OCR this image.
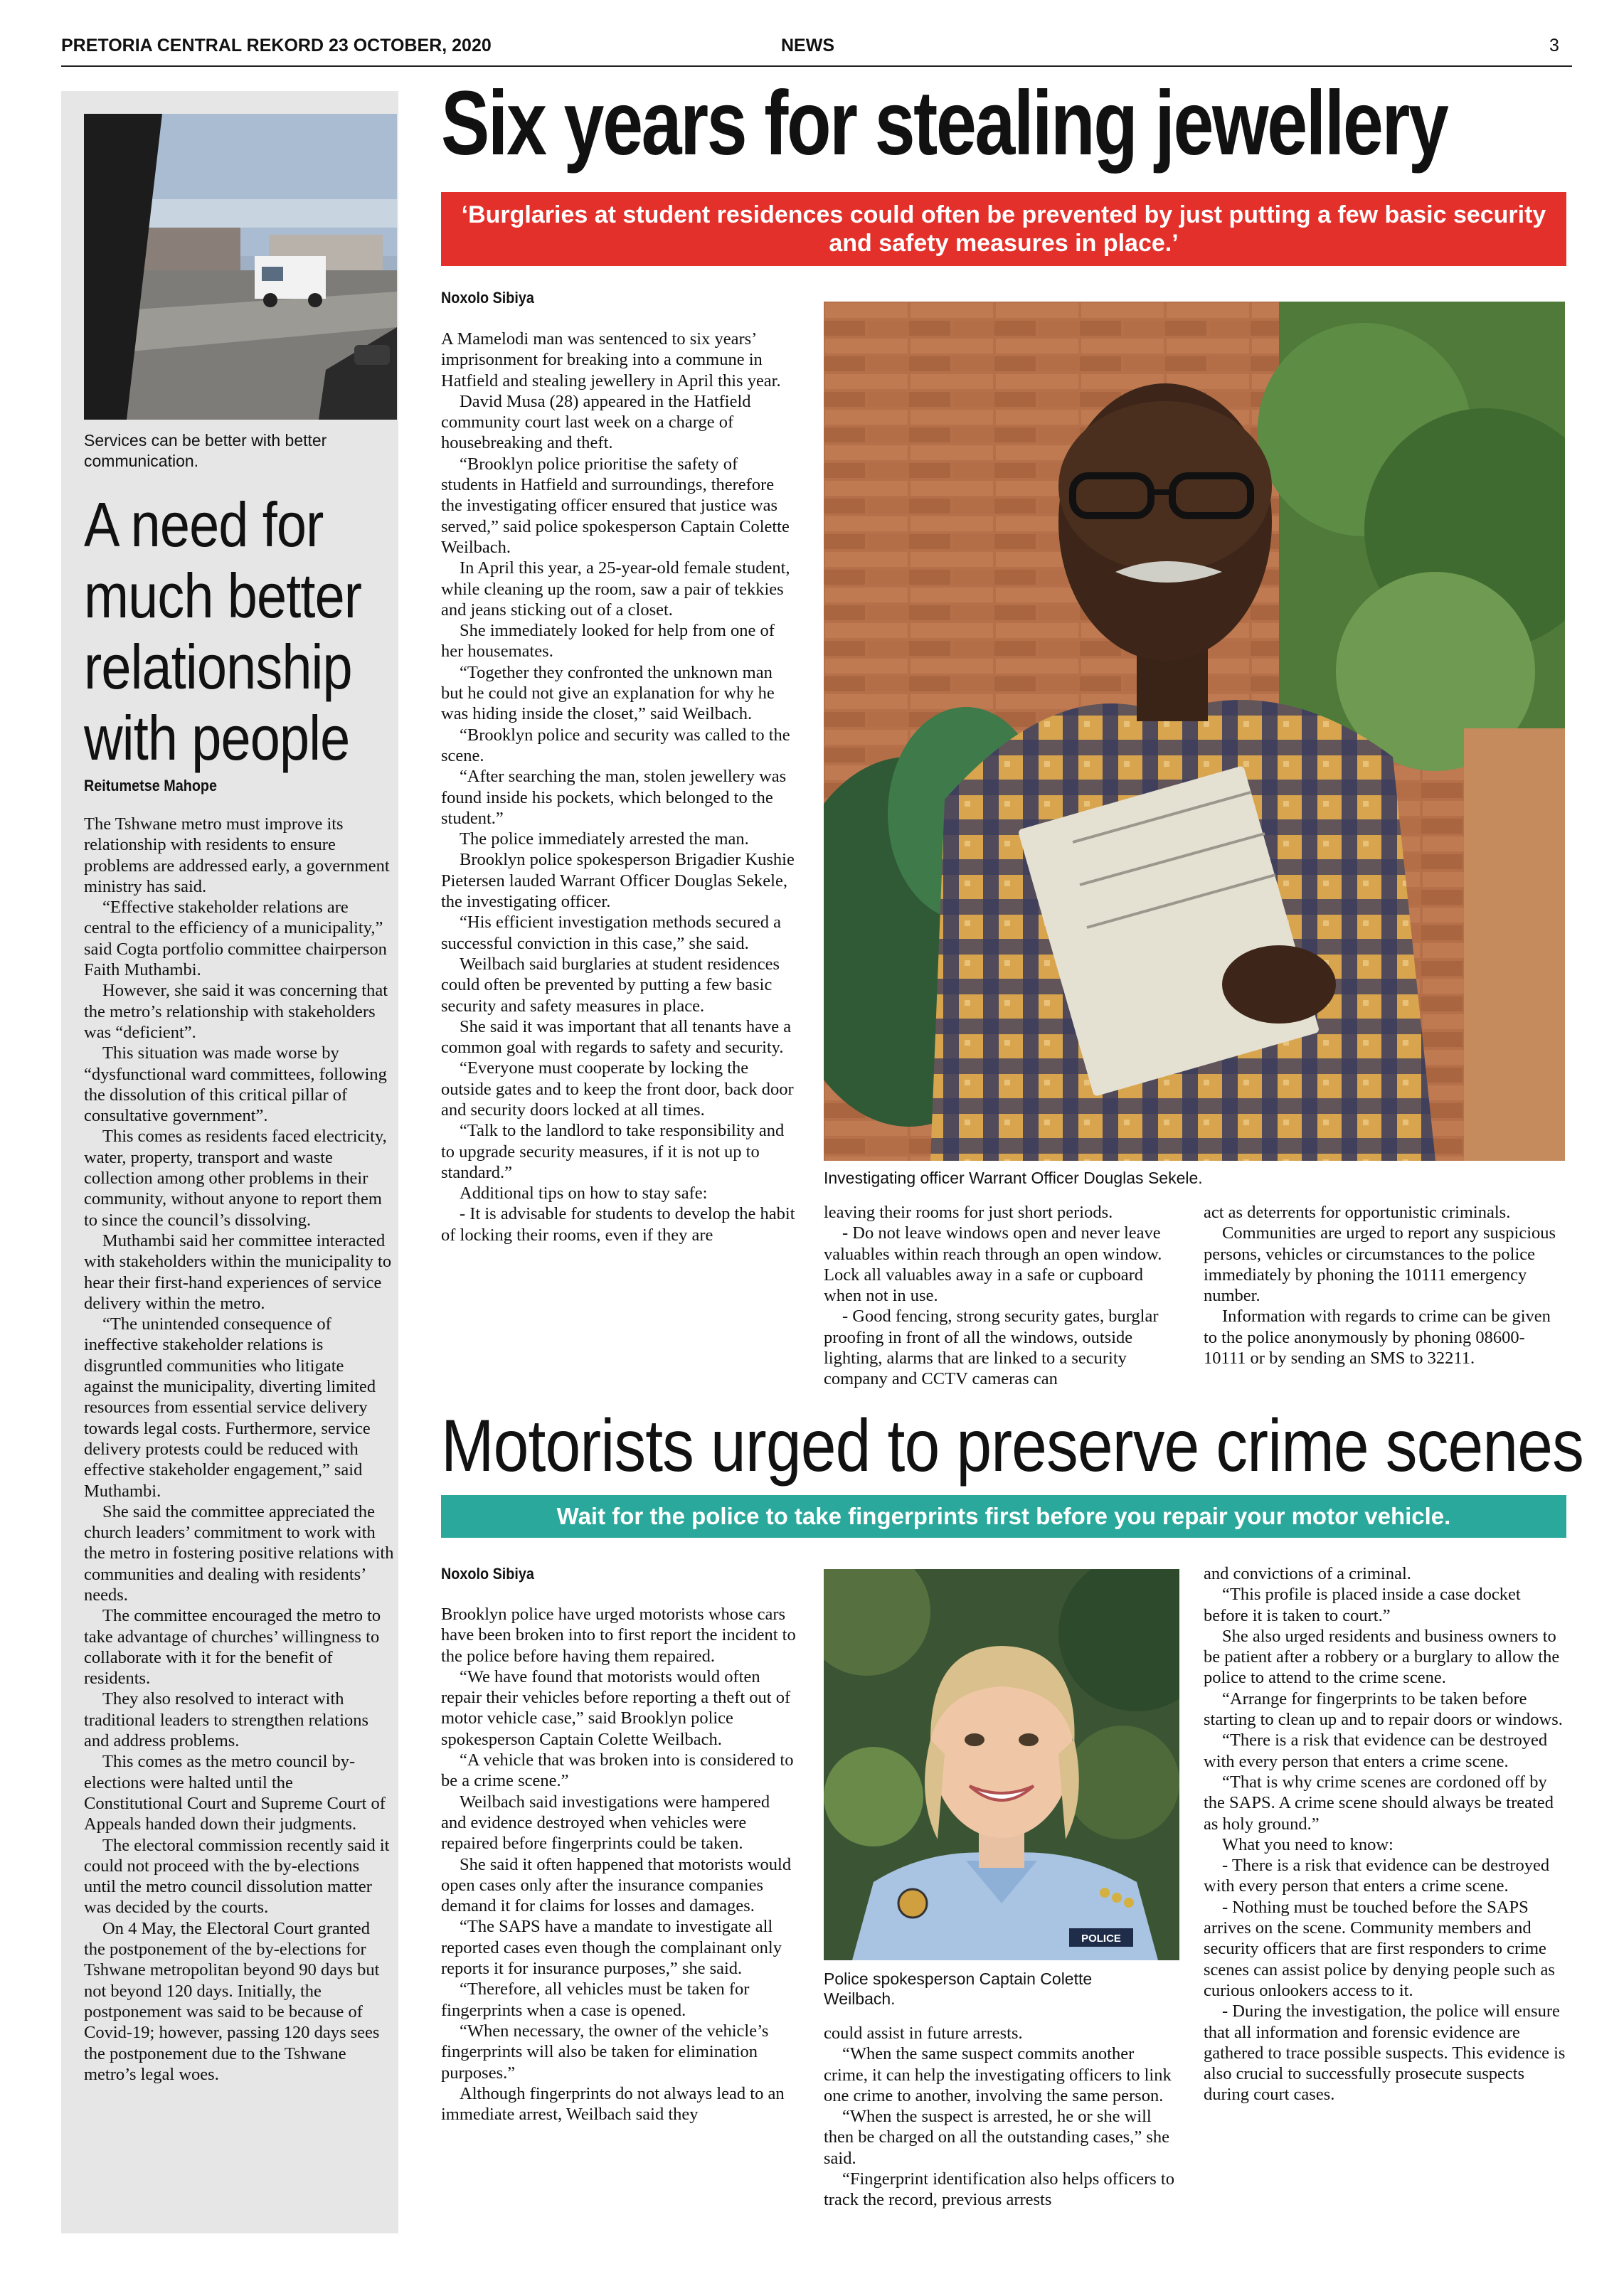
PRETORIA CENTRAL REKORD 23 OCTOBER, 2020	NEWS	3
Services can be better with better communication.
A need for much better relationship with people
Reitumetse Mahope

The Tshwane metro must improve its relationship with residents to ensure problems are addressed early, a government ministry has said.

“Effective stakeholder relations are central to the efficiency of a municipality,” said Cogta portfolio committee chairperson Faith Muthambi.

However, she said it was concerning that the metro’s relationship with stakeholders was “deficient”.

This situation was made worse by “dysfunctional ward committees, following the dissolution of this critical pillar of consultative government”.

This comes as residents faced electricity, water, property, transport and waste collection among other problems in their community, without anyone to report them to since the council’s dissolving.

Muthambi said her committee interacted with stakeholders within the municipality to hear their first-hand experiences of service delivery within the metro.

“The unintended consequence of ineffective stakeholder relations is disgruntled communities who litigate against the municipality, diverting limited resources from essential service delivery towards legal costs. Furthermore, service delivery protests could be reduced with effective stakeholder engagement,” said Muthambi.

She said the committee appreciated the church leaders’ commitment to work with the metro in fostering positive relations with communities and dealing with residents’ needs.

The committee encouraged the metro to take advantage of churches’ willingness to collaborate with it for the benefit of residents.

They also resolved to interact with traditional leaders to strengthen relations and address problems.

This comes as the metro council by-elections were halted until the Constitutional Court and Supreme Court of Appeals handed down their judgments.

The electoral commission recently said it could not proceed with the by-elections until the metro council dissolution matter was decided by the courts.

On 4 May, the Electoral Court granted the postponement of the by-elections for Tshwane metropolitan beyond 90 days but not beyond 120 days. Initially, the postponement was said to be because of Covid-19; however, passing 120 days sees the postponement due to the Tshwane metro’s legal woes.

Six years for stealing jewellery
‘Burglaries at student residences could often be prevented by just putting a few basic security and safety measures in place.’
Noxolo Sibiya

A Mamelodi man was sentenced to six years’ imprisonment for breaking into a commune in Hatfield and stealing jewellery in April this year.

David Musa (28) appeared in the Hatfield community court last week on a charge of housebreaking and theft.

“Brooklyn police prioritise the safety of students in Hatfield and surroundings, therefore the investigating officer ensured that justice was served,” said police spokesperson Captain Colette Weilbach.

In April this year, a 25-year-old female student, while cleaning up the room, saw a pair of tekkies and jeans sticking out of a closet.

She immediately looked for help from one of her housemates.

“Together they confronted the unknown man but he could not give an explanation for why he was hiding inside the closet,” said Weilbach.

“Brooklyn police and security was called to the scene.

“After searching the man, stolen jewellery was found inside his pockets, which belonged to the student.”

The police immediately arrested the man.

Brooklyn police spokesperson Brigadier Kushie Pietersen lauded Warrant Officer Douglas Sekele, the investigating officer.

“His efficient investigation methods secured a successful conviction in this case,” she said.

Weilbach said burglaries at student residences could often be prevented by putting a few basic security and safety measures in place.

She said it was important that all tenants have a common goal with regards to safety and security.

“Everyone must cooperate by locking the outside gates and to keep the front door, back door and security doors locked at all times.

“Talk to the landlord to take responsibility and to upgrade security measures, if it is not up to standard.”

Additional tips on how to stay safe:

- It is advisable for students to develop the habit of locking their rooms, even if they are

Investigating officer Warrant Officer Douglas Sekele.

leaving their rooms for just short periods.

- Do not leave windows open and never leave valuables within reach through an open window. Lock all valuables away in a safe or cupboard when not in use.

- Good fencing, strong security gates, burglar proofing in front of all the windows, outside lighting, alarms that are linked to a security company and CCTV cameras can

act as deterrents for opportunistic criminals.

Communities are urged to report any suspicious persons, vehicles or circumstances to the police immediately by phoning the 10111 emergency number.

Information with regards to crime can be given to the police anonymously by phoning 08600-10111 or by sending an SMS to 32211.

Motorists urged to preserve crime scenes
Wait for the police to take fingerprints first before you repair your motor vehicle.
Noxolo Sibiya

Brooklyn police have urged motorists whose cars have been broken into to first report the incident to the police before having them repaired.

“We have found that motorists would often repair their vehicles before reporting a theft out of motor vehicle case,” said Brooklyn police spokesperson Captain Colette Weilbach.

“A vehicle that was broken into is considered to be a crime scene.”

Weilbach said investigations were hampered and evidence destroyed when vehicles were repaired before fingerprints could be taken.

She said it often happened that motorists would open cases only after the insurance companies demand it for claims for losses and damages.

“The SAPS have a mandate to investigate all reported cases even though the complainant only reports it for insurance purposes,” she said.

“Therefore, all vehicles must be taken for fingerprints when a case is opened.

“When necessary, the owner of the vehicle’s fingerprints will also be taken for elimination purposes.”

Although fingerprints do not always lead to an immediate arrest, Weilbach said they

POLICE
Police spokesperson Captain Colette Weilbach.

could assist in future arrests.

“When the same suspect commits another crime, it can help the investigating officers to link one crime to another, involving the same person.

“When the suspect is arrested, he or she will then be charged on all the outstanding cases,” she said.

“Fingerprint identification also helps officers to track the record, previous arrests

and convictions of a criminal.

“This profile is placed inside a case docket before it is taken to court.”

She also urged residents and business owners to be patient after a robbery or a burglary to allow the police to attend to the crime scene.

“Arrange for fingerprints to be taken before starting to clean up and to repair doors or windows.

“There is a risk that evidence can be destroyed with every person that enters a crime scene.

“That is why crime scenes are cordoned off by the SAPS. A crime scene should always be treated as holy ground.”

What you need to know:

- There is a risk that evidence can be destroyed with every person that enters a crime scene.

- Nothing must be touched before the SAPS arrives on the scene. Community members and security officers that are first responders to crime scenes can assist police by denying people such as curious onlookers access to it.

- During the investigation, the police will ensure that all information and forensic evidence are gathered to trace possible suspects. This evidence is also crucial to successfully prosecute suspects during court cases.
